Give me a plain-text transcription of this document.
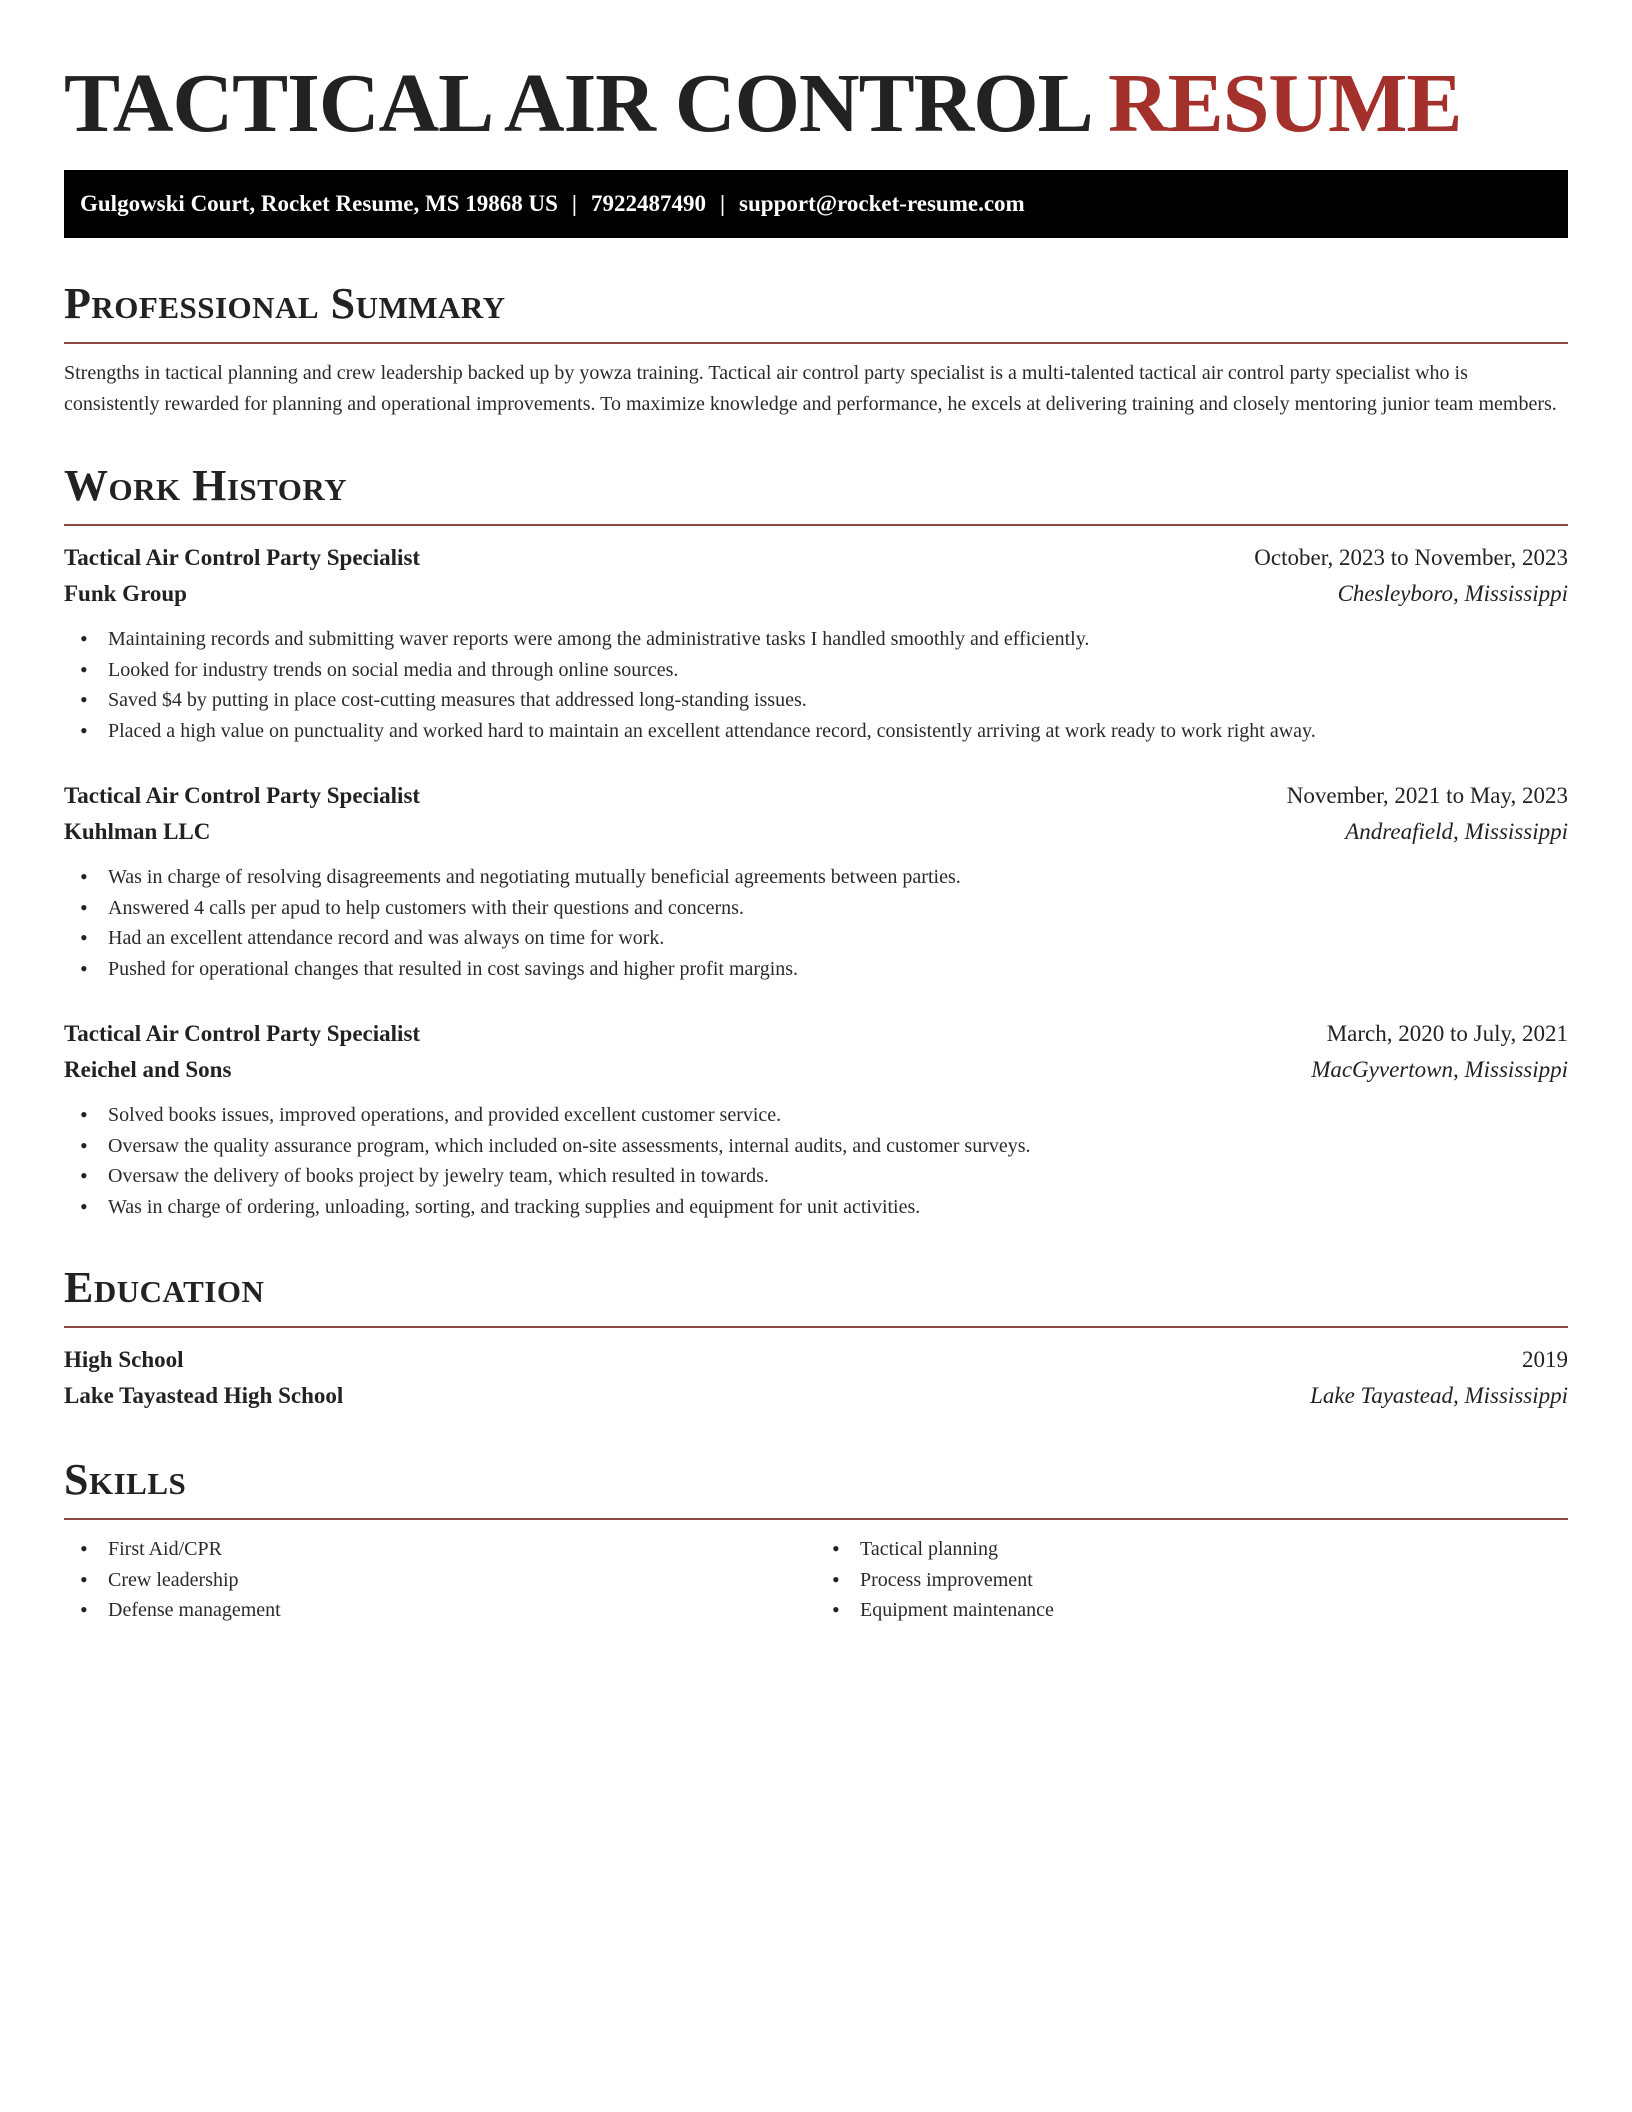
TACTICAL AIR CONTROL RESUME
Gulgowski Court, Rocket Resume, MS 19868 US | 7922487490 | support@rocket-resume.com
Professional Summary

Strengths in tactical planning and crew leadership backed up by yowza training. Tactical air control party specialist is a multi-talented tactical air control party specialist who is consistently rewarded for planning and operational improvements. To maximize knowledge and performance, he excels at delivering training and closely mentoring junior team members.

Work History
Tactical Air Control Party Specialist	October, 2023 to November, 2023
Funk Group	Chesleyboro, Mississippi
• Maintaining records and submitting waver reports were among the administrative tasks I handled smoothly and efficiently.
• Looked for industry trends on social media and through online sources.
• Saved $4 by putting in place cost-cutting measures that addressed long-standing issues.
• Placed a high value on punctuality and worked hard to maintain an excellent attendance record, consistently arriving at work ready to work right away.
Tactical Air Control Party Specialist	November, 2021 to May, 2023
Kuhlman LLC	Andreafield, Mississippi
• Was in charge of resolving disagreements and negotiating mutually beneficial agreements between parties.
• Answered 4 calls per apud to help customers with their questions and concerns.
• Had an excellent attendance record and was always on time for work.
• Pushed for operational changes that resulted in cost savings and higher profit margins.
Tactical Air Control Party Specialist	March, 2020 to July, 2021
Reichel and Sons	MacGyvertown, Mississippi
• Solved books issues, improved operations, and provided excellent customer service.
• Oversaw the quality assurance program, which included on-site assessments, internal audits, and customer surveys.
• Oversaw the delivery of books project by jewelry team, which resulted in towards.
• Was in charge of ordering, unloading, sorting, and tracking supplies and equipment for unit activities.
Education
High School	2019
Lake Tayastead High School	Lake Tayastead, Mississippi
Skills
• First Aid/CPR
• Crew leadership
• Defense management
• Tactical planning
• Process improvement
• Equipment maintenance
